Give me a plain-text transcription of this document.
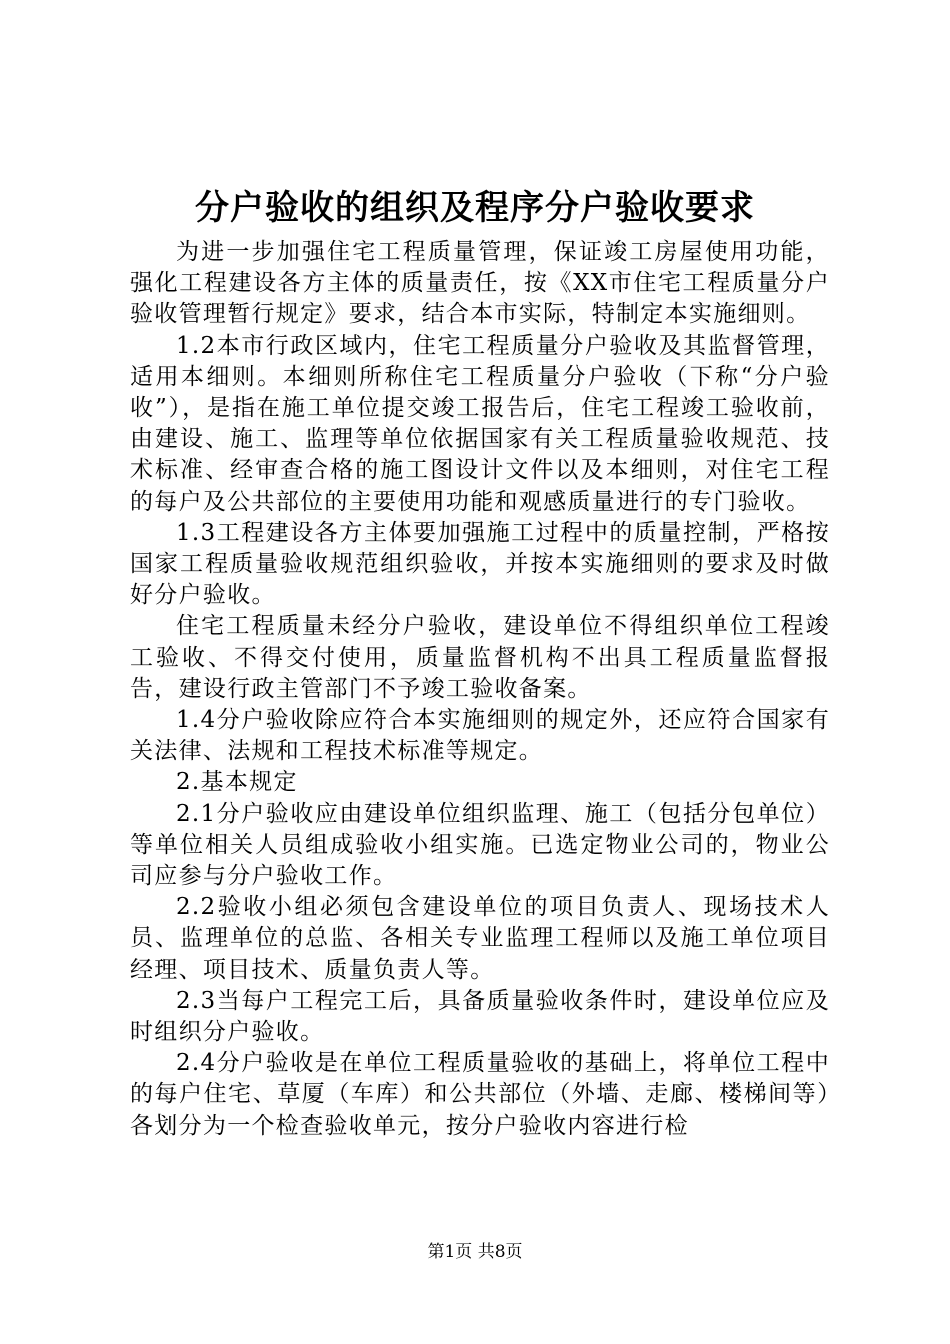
分户验收的组织及程序分户验收要求

为进一步加强住宅工程质量管理，保证竣工房屋使用功能，强化工程建设各方主体的质量责任，按《XX市住宅工程质量分户验收管理暂行规定》要求，结合本市实际，特制定本实施细则。

1.2本市行政区域内，住宅工程质量分户验收及其监督管理，适用本细则。本细则所称住宅工程质量分户验收（下称“分户验收”），是指在施工单位提交竣工报告后，住宅工程竣工验收前，由建设、施工、监理等单位依据国家有关工程质量验收规范、技术标准、经审查合格的施工图设计文件以及本细则，对住宅工程的每户及公共部位的主要使用功能和观感质量进行的专门验收。

1.3工程建设各方主体要加强施工过程中的质量控制，严格按国家工程质量验收规范组织验收，并按本实施细则的要求及时做好分户验收。

住宅工程质量未经分户验收，建设单位不得组织单位工程竣工验收、不得交付使用，质量监督机构不出具工程质量监督报告，建设行政主管部门不予竣工验收备案。

1.4分户验收除应符合本实施细则的规定外，还应符合国家有关法律、法规和工程技术标准等规定。

2.基本规定

2.1分户验收应由建设单位组织监理、施工（包括分包单位）等单位相关人员组成验收小组实施。已选定物业公司的，物业公司应参与分户验收工作。

2.2验收小组必须包含建设单位的项目负责人、现场技术人员、监理单位的总监、各相关专业监理工程师以及施工单位项目经理、项目技术、质量负责人等。

2.3当每户工程完工后，具备质量验收条件时，建设单位应及时组织分户验收。

2.4分户验收是在单位工程质量验收的基础上，将单位工程中的每户住宅、草厦（车库）和公共部位（外墙、走廊、楼梯间等）各划分为一个检查验收单元，按分户验收内容进行检

第1页 共8页
